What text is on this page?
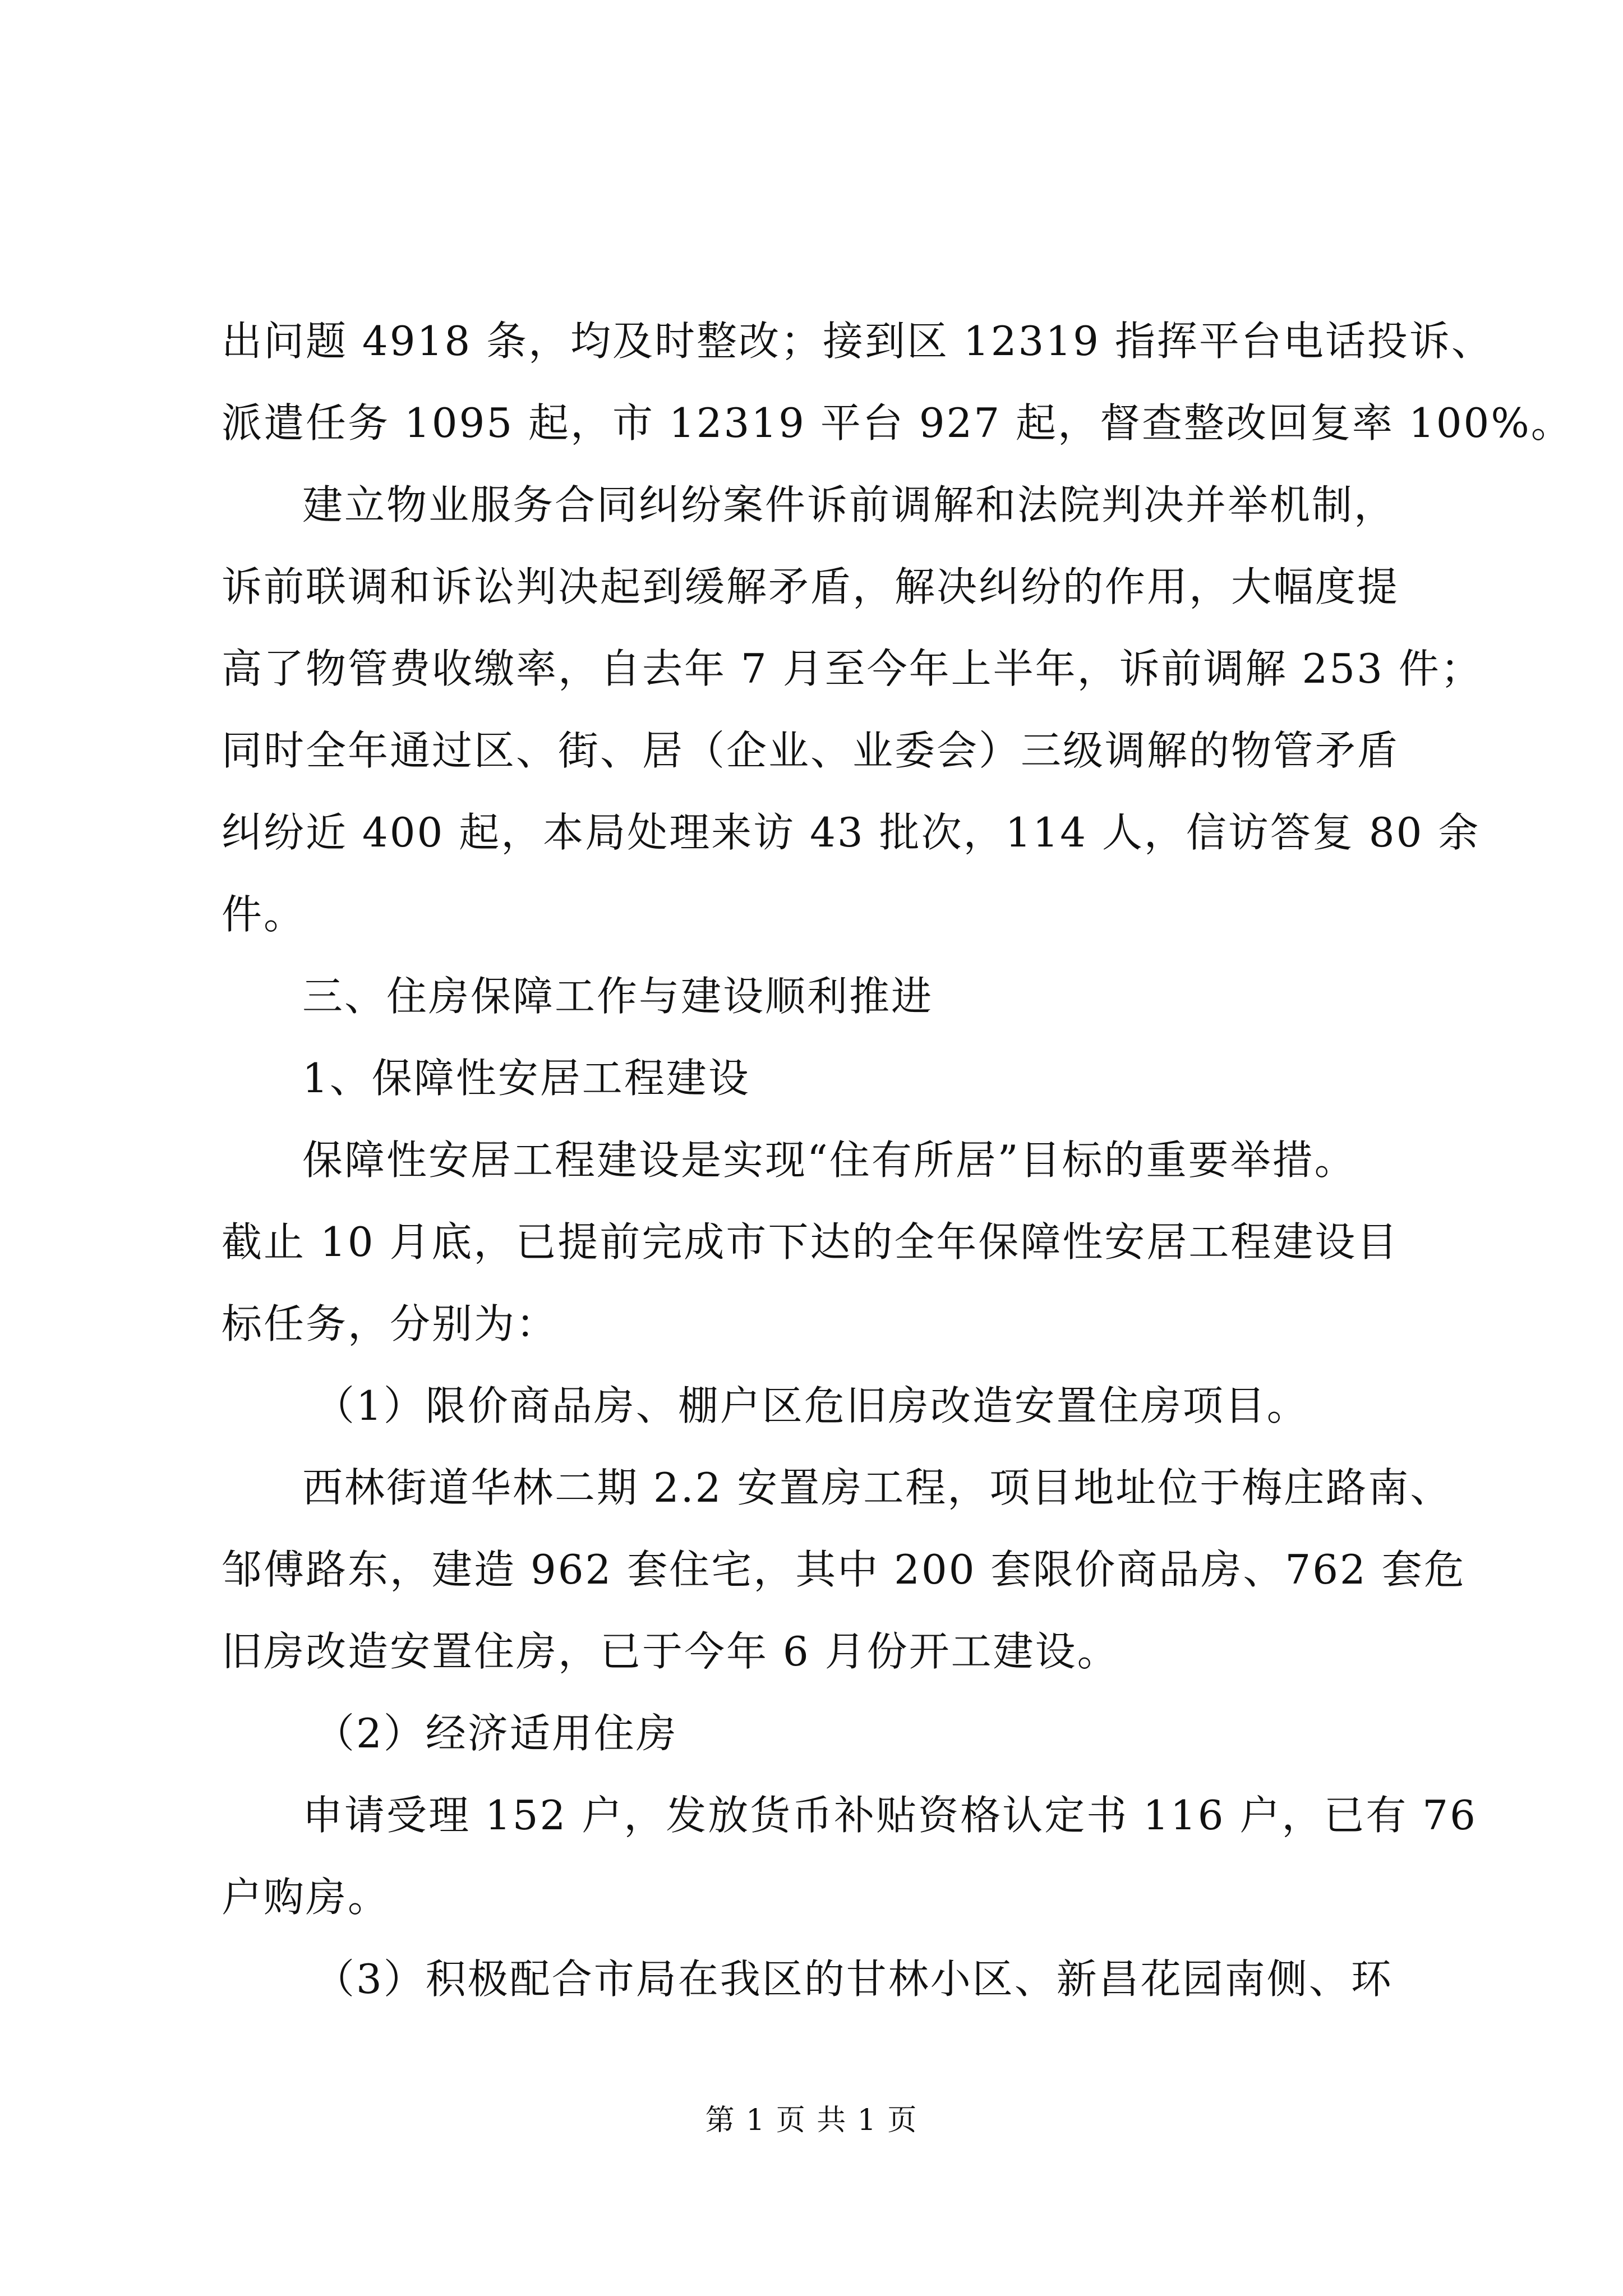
出问题 4918 条，均及时整改；接到区 12319 指挥平台电话投诉、
派遣任务 1095 起，市 12319 平台 927 起，督查整改回复率 100%。
建立物业服务合同纠纷案件诉前调解和法院判决并举机制，
诉前联调和诉讼判决起到缓解矛盾，解决纠纷的作用，大幅度提
高了物管费收缴率，自去年 7 月至今年上半年，诉前调解 253 件；
同时全年通过区、街、居（企业、业委会）三级调解的物管矛盾
纠纷近 400 起，本局处理来访 43 批次，114 人，信访答复 80 余
件。
三、住房保障工作与建设顺利推进
1、保障性安居工程建设
保障性安居工程建设是实现“住有所居”目标的重要举措。
截止 10 月底，已提前完成市下达的全年保障性安居工程建设目
标任务，分别为：
（1）限价商品房、棚户区危旧房改造安置住房项目。
西林街道华林二期 2.2 安置房工程，项目地址位于梅庄路南、
邹傅路东，建造 962 套住宅，其中 200 套限价商品房、762 套危
旧房改造安置住房，已于今年 6 月份开工建设。
（2）经济适用住房
申请受理 152 户，发放货币补贴资格认定书 116 户，已有 76
户购房。
（3）积极配合市局在我区的甘林小区、新昌花园南侧、环
第 1 页 共 1 页
